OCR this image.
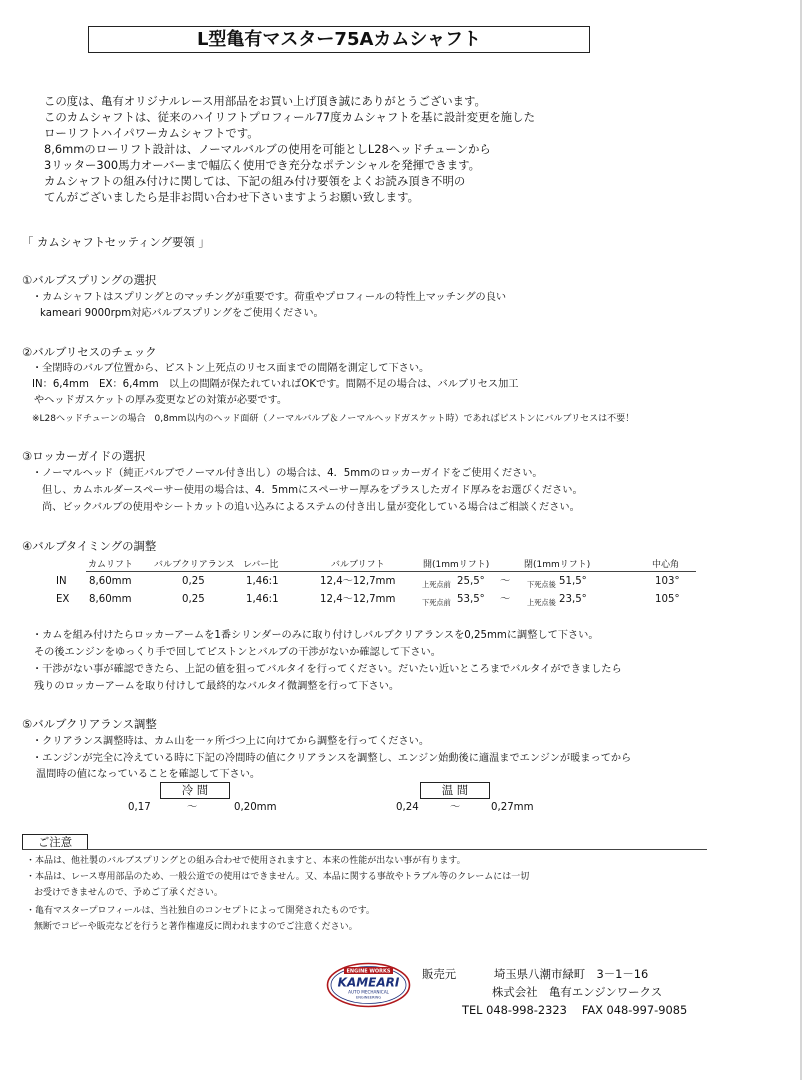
L型亀有マスター75Aカムシャフト
この度は、亀有オリジナルレース用部品をお買い上げ頂き誠にありがとうございます。
このカムシャフトは、従来のハイリフトプロフィール77度カムシャフトを基に設計変更を施した
ローリフトハイパワーカムシャフトです。
8,6mmのローリフト設計は、ノーマルバルブの使用を可能としL28ヘッドチューンから
3リッター300馬力オーバーまで幅広く使用でき充分なポテンシャルを発揮できます。
カムシャフトの組み付けに関しては、下記の組み付け要領をよくお読み頂き不明の
てんがございましたら是非お問い合わせ下さいますようお願い致します。
「 カムシャフトセッティング要領 」
①バルブスプリングの選択
・カムシャフトはスプリングとのマッチングが重要です。荷重やプロフィールの特性上マッチングの良い
kameari 9000rpm対応バルブスプリングをご使用ください。
②バルブリセスのチェック
・全閉時のバルブ位置から、ピストン上死点のリセス面までの間隔を測定して下さい。
IN：6,4mm　EX：6,4mm　以上の間隔が保たれていればOKです。間隔不足の場合は、バルブリセス加工
やヘッドガスケットの厚み変更などの対策が必要です。
※L28ヘッドチューンの場合　0,8mm以内のヘッド面研（ノーマルバルブ＆ノーマルヘッドガスケット時）であればピストンにバルブリセスは不要！
③ロッカーガイドの選択
・ノーマルヘッド（純正バルブでノーマル付き出し）の場合は、4．5mmのロッカーガイドをご使用ください。
但し、カムホルダースペーサー使用の場合は、4．5mmにスペーサー厚みをプラスしたガイド厚みをお選びください。
尚、ビックバルブの使用やシートカットの追い込みによるステムの付き出し量が変化している場合はご相談ください。
④バルブタイミングの調整
カムリフト バルブクリアランス レバー比	バルブリフト	開(1mmリフト)	閉(1mmリフト)	中心角
IN 8,60mm	0,25	1,46:1	12,4～12,7mm	上死点前 25,5° ～ 下死点後 51,5°	103°
EX 8,60mm	0,25	1,46:1	12,4～12,7mm	下死点前 53,5° ～ 上死点後 23,5°	105°
・カムを組み付けたらロッカーアームを1番シリンダーのみに取り付けしバルブクリアランスを0,25mmに調整して下さい。
その後エンジンをゆっくり手で回してピストンとバルブの干渉がないか確認して下さい。
・干渉がない事が確認できたら、上記の値を狙ってバルタイを行ってください。だいたい近いところまでバルタイができましたら
残りのロッカーアームを取り付けして最終的なバルタイ微調整を行って下さい。
⑤バルブクリアランス調整
・クリアランス調整時は、カム山を一ヶ所づつ上に向けてから調整を行ってください。
・エンジンが完全に冷えている時に下記の冷間時の値にクリアランスを調整し、エンジン始動後に適温までエンジンが暖まってから
温間時の値になっていることを確認して下さい。
冷 間
0,17	～	0,20mm
温 間
0,24	～	0,27mm
ご注意
・本品は、他社製のバルブスプリングとの組み合わせで使用されますと、本来の性能が出ない事が有ります。
・本品は、レース専用部品のため、一般公道での使用はできません。又、本品に関する事故やトラブル等のクレームには一切
お受けできませんので、予めご了承ください。
・亀有マスタープロフィールは、当社独自のコンセプトによって開発されたものです。
無断でコピーや販売などを行うと著作権違反に問われますのでご注意ください。
ENGINE WORKS
KAMEARI
AUTO MECHANICAL
ENGINEERING
販売元	埼玉県八潮市緑町　3－1－16
株式会社　亀有エンジンワークス
TEL 048-998-2323　 FAX 048-997-9085
